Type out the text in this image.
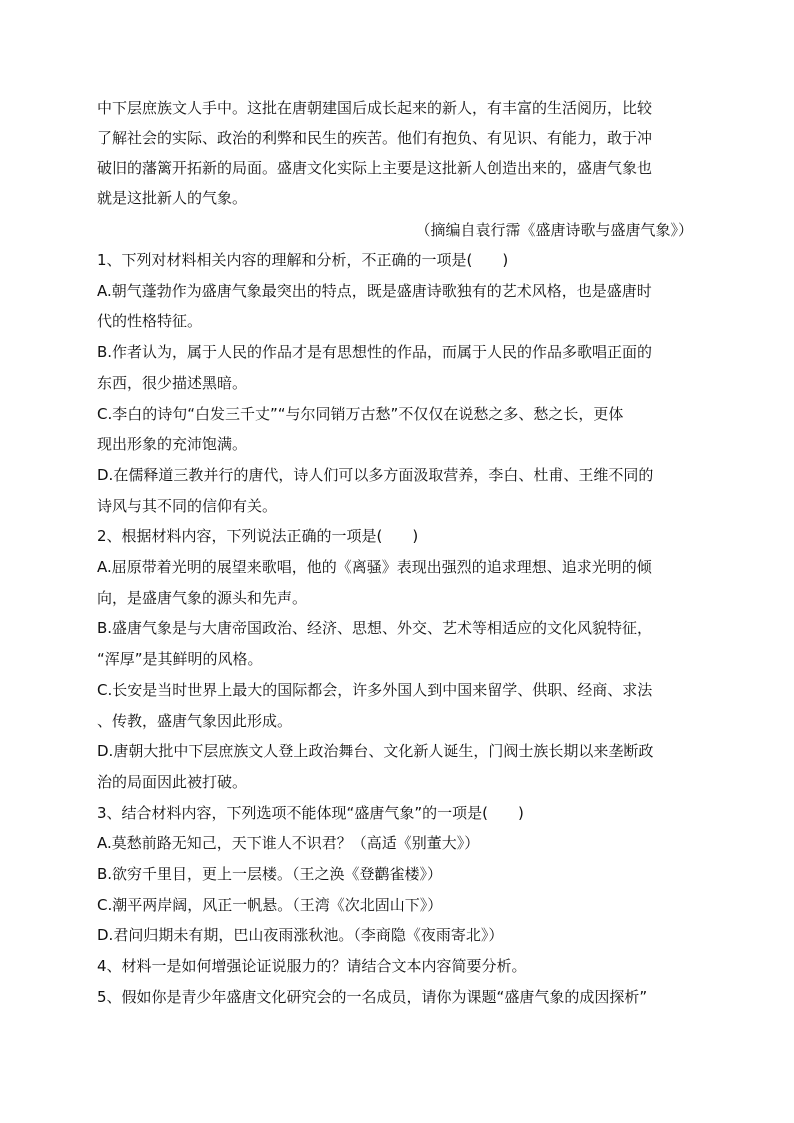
中下层庶族文人手中。这批在唐朝建国后成长起来的新人，有丰富的生活阅历，比较
了解社会的实际、政治的利弊和民生的疾苦。他们有抱负、有见识、有能力，敢于冲
破旧的藩篱开拓新的局面。盛唐文化实际上主要是这批新人创造出来的，盛唐气象也
就是这批新人的气象。
（摘编自袁行霈《盛唐诗歌与盛唐气象》）
1、下列对材料相关内容的理解和分析，不正确的一项是(　　)
A.朝气蓬勃作为盛唐气象最突出的特点，既是盛唐诗歌独有的艺术风格，也是盛唐时
代的性格特征。
B.作者认为，属于人民的作品才是有思想性的作品，而属于人民的作品多歌唱正面的
东西，很少描述黑暗。
C.李白的诗句“白发三千丈”“与尔同销万古愁”不仅仅在说愁之多、愁之长，更体
现出形象的充沛饱满。
D.在儒释道三教并行的唐代，诗人们可以多方面汲取营养，李白、杜甫、王维不同的
诗风与其不同的信仰有关。
2、根据材料内容，下列说法正确的一项是(　　)
A.屈原带着光明的展望来歌唱，他的《离骚》表现出强烈的追求理想、追求光明的倾
向，是盛唐气象的源头和先声。
B.盛唐气象是与大唐帝国政治、经济、思想、外交、艺术等相适应的文化风貌特征，
“浑厚”是其鲜明的风格。
C.长安是当时世界上最大的国际都会，许多外国人到中国来留学、供职、经商、求法
、传教，盛唐气象因此形成。
D.唐朝大批中下层庶族文人登上政治舞台、文化新人诞生，门阀士族长期以来垄断政
治的局面因此被打破。
3、结合材料内容，下列选项不能体现“盛唐气象”的一项是(　　)
A.莫愁前路无知己，天下谁人不识君？（高适《别董大》）
B.欲穷千里目，更上一层楼。（王之涣《登鹳雀楼》）
C.潮平两岸阔，风正一帆悬。（王湾《次北固山下》）
D.君问归期未有期，巴山夜雨涨秋池。（李商隐《夜雨寄北》）
4、材料一是如何增强论证说服力的？请结合文本内容简要分析。
5、假如你是青少年盛唐文化研究会的一名成员，请你为课题“盛唐气象的成因探析”
